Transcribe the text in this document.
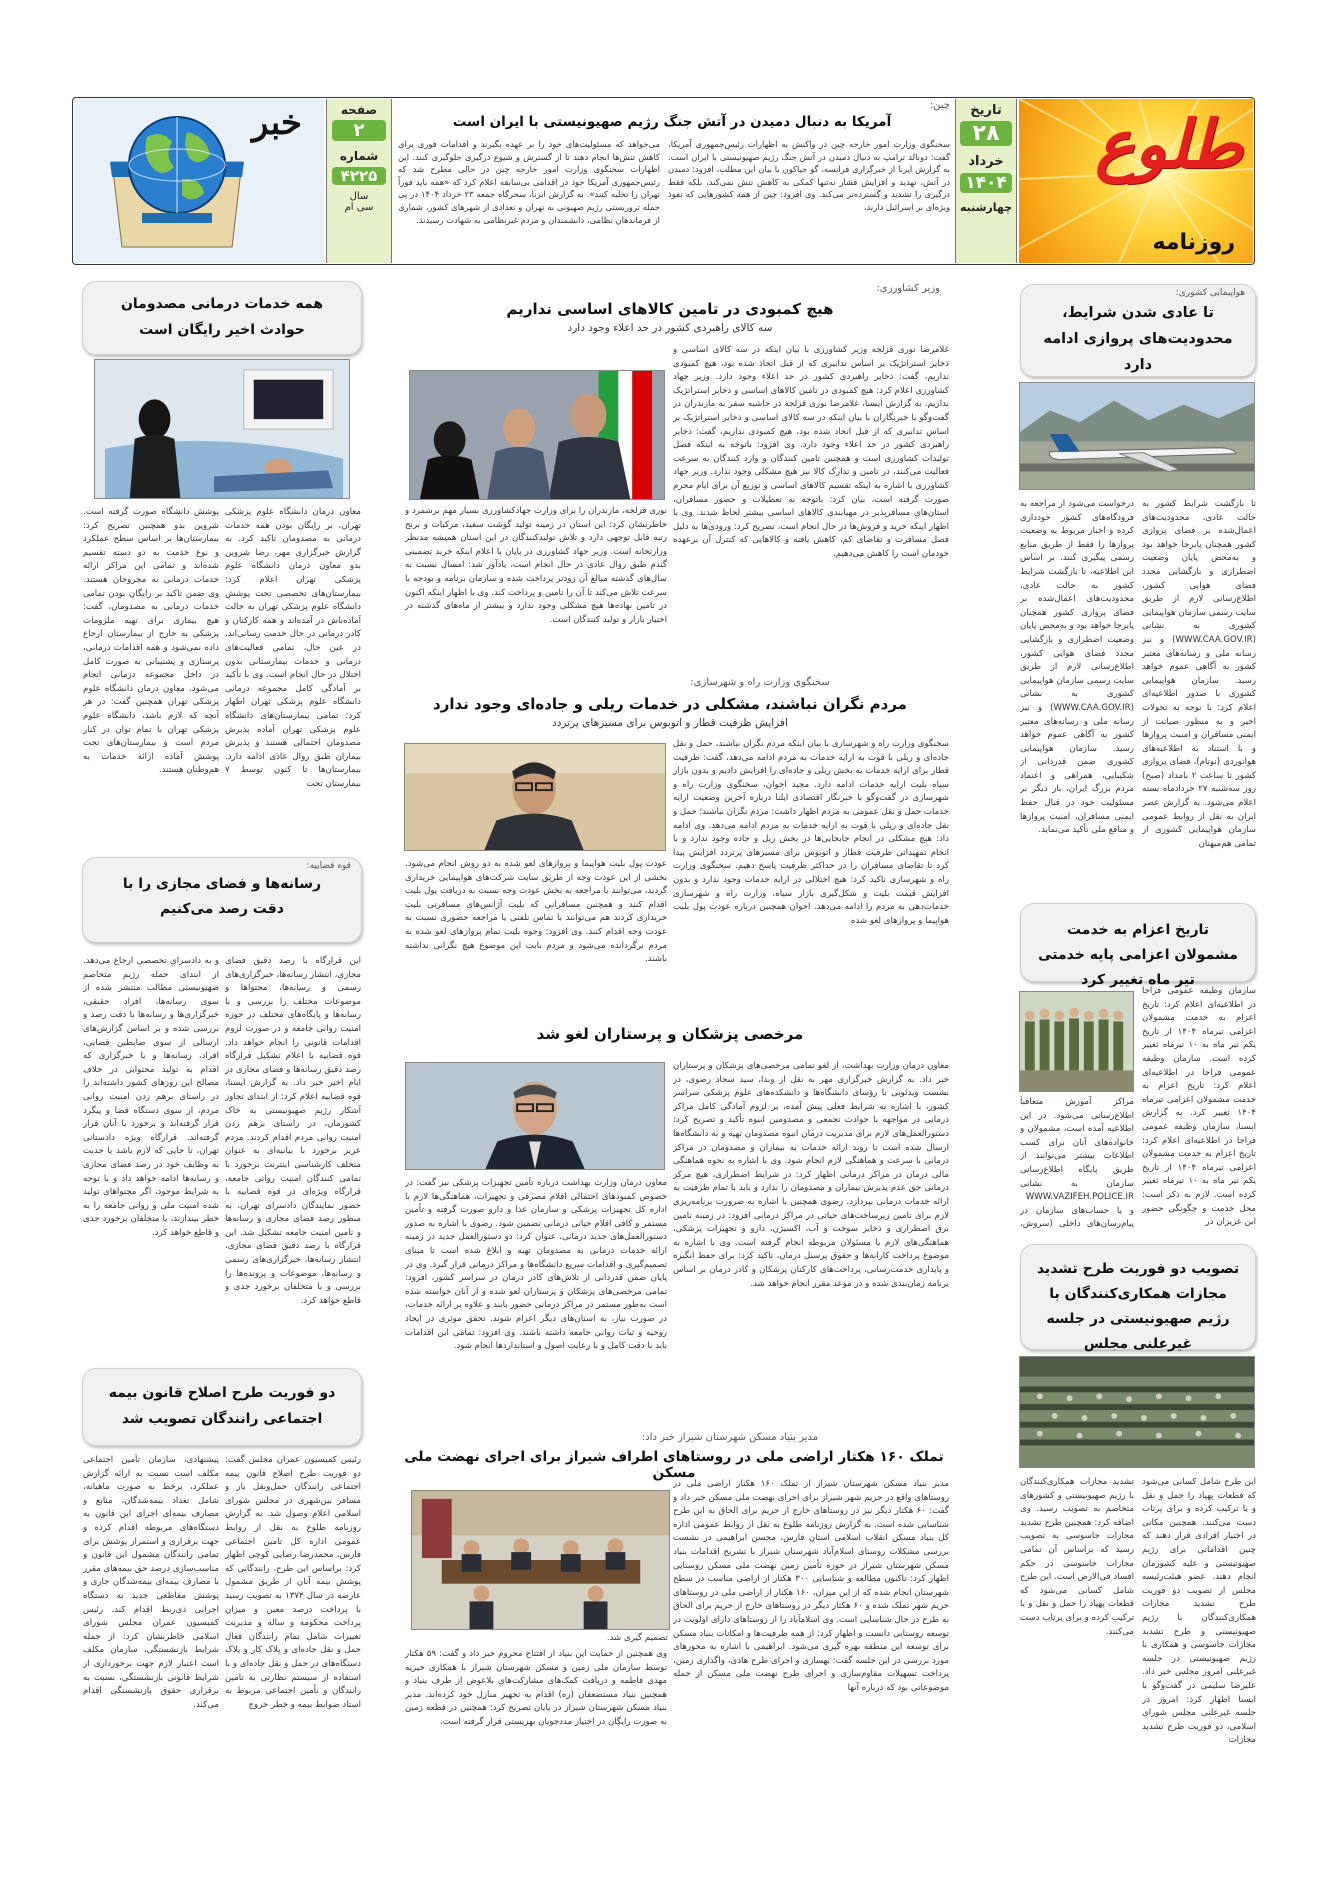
طلوع
روزنامه
تاریخ
۲۸
خرداد
۱۴۰۴
چهارشنبه
چین:
آمریکا به دنبال دمیدن در آتش جنگ رژیم صهیونیستی با ایران است
سخنگوی وزارت امور خارجه چین در واکنش به اظهارات رئیس‌جمهوری آمریکا، گفت: دونالد ترامپ به دنبال دمیدن در آتش جنگ رژیم صهیونیستی با ایران است. به گزارش ایرنا از خبرگزاری فرانسه، گو جیاکون با بیان این مطلب، افزود: دمیدن در آتش، تهدید و افزایش فشار نه‌تنها کمکی به کاهش تنش نمی‌کند، بلکه فقط درگیری را تشدید و گسترده‌تر می‌کند. وی افزود: چین از همه کشورهایی که نفوذ ویژه‌ای بر اسرائیل دارند،
می‌خواهد که مسئولیت‌های خود را بر عهده بگیرند و اقدامات فوری برای کاهش تنش‌ها انجام دهند تا از گسترش و شیوع درگیری جلوگیری کنند. این اظهارات سخنگوی وزارت امور خارجه چین در حالی مطرح شد که رئیس‌جمهوری آمریکا خود در اقدامی بی‌سابقه اعلام کرد که «همه باید فوراً تهران را تخلیه کنند». به گزارش ایرنا، سحرگاه جمعه ۲۳ خرداد ۱۴۰۴ در پی حمله تروریستی رژیم صهیونی به تهران و تعدادی از شهرهای کشور، شماری از فرماندهان نظامی، دانشمندان و مردم غیرنظامی به شهادت رسیدند.
صفحه
۲
شماره
۴۲۲۵
سال
سی ام
خبر
هواپیمایی کشوری:
تا عادی شدن شرایط، محدودیت‌های پروازی ادامه دارد
تا بازگشت شرایط کشور به حالت عادی، محدودیت‌های اعمال‌شده بر فضای پروازی کشور همچنان پابرجا خواهد بود و به‌محض پایان وضعیت اضطراری و بازگشایی مجدد فضای هوایی کشور، اطلاع‌رسانی لازم از طریق سایت رسمی سازمان هواپیمایی کشوری به نشانی (WWW.CAA.GOV.IR) و نیز رسانه ملی و رسانه‌های معتبر کشور به آگاهی عموم خواهد رسید. سازمان هواپیمایی کشوری با صدور اطلاعیه‌ای اعلام کرد: با توجه به تحولات اخیر و به منظور صیانت از ایمنی مسافران و امنیت پروازها و با استناد به اطلاعیه‌های هوانوردی (نوتام)، فضای پروازی کشور تا ساعت ۲ بامداد (صبح) روز سه‌شنبه ۲۷ خردادماه بسته اعلام می‌شود. به گزارش عصر ایران به نقل از روابط عمومی سازمان هواپیمایی کشوری از تمامی هم‌میهنان
درخواست می‌شود از مراجعه به فرودگاه‌های کشور خودداری کرده و اخبار مربوط به وضعیت پروازها را فقط از طریق منابع رسمی پیگیری کنند. بر اساس این اطلاعیه، تا بازگشت شرایط کشور به حالت عادی، محدودیت‌های اعمال‌شده بر فضای پروازی کشور همچنان پابرجا خواهد بود و به‌محض پایان وضعیت اضطراری و بازگشایی مجدد فضای هوایی کشور، اطلاع‌رسانی لازم از طریق سایت رسمی سازمان هواپیمایی کشوری به نشانی (WWW.CAA.GOV.IR) و نیز رسانه ملی و رسانه‌های معتبر کشور به آگاهی عموم خواهد رسید. سازمان هواپیمایی کشوری ضمن قدردانی از شکیبایی، همراهی و اعتماد مردم بزرگ ایران، بار دیگر بر مسئولیت خود در قبال حفظ ایمنی مسافران، امنیت پروازها و منافع ملی تأکید می‌نماید.
تاریخ اعزام به خدمت مشمولان اعزامی پایه خدمتی تیر ماه تغییر کرد
سازمان وظیفه عمومی فراجا در اطلاعیه‌ای اعلام کرد: تاریخ اعزام به خدمت مشمولان اعزامی تیرماه ۱۴۰۴ از تاریخ یکم تیر ماه به ۱۰ تیرماه تغییر کرده است. سازمان وظیفه عمومی فراجا در اطلاعیه‌ای اعلام کرد: تاریخ اعزام به خدمت مشمولان اعزامی تیرماه ۱۴۰۴ تغییر کرد. به گزارش ایسنا، سازمان وظیفه عمومی فراجا در اطلاعیه‌ای اعلام کرد: تاریخ اعزام به خدمت مشمولان اعزامی تیرماه ۱۴۰۴ از تاریخ یکم تیر ماه به ۱۰ تیرماه تغییر کرده است. لازم به ذکر است: محل خدمت و چگونگی حضور این عزیزان در
مراکز آموزش متعاقباً اطلاع‌رسانی می‌شود. در این اطلاعیه آمده است، مشمولان و خانواده‌های آنان برای کسب اطلاعات بیشتر می‌توانند از طریق پایگاه اطلاع‌رسانی سازمان به نشانی WWW.VAZIFEH.POLICE.IR و یا حساب‌های سازمان در پیام‌رسان‌های داخلی (سروش،
تصویب دو فوریت طرح تشدید مجازات همکاری‌کنندگان با رژیم صهیونیستی در جلسه غیرعلنی مجلس
این طرح شامل کسانی می‌شود که قطعات پهپاد را حمل و نقل و یا ترکیب کرده و برای پرتاب دست می‌کنند. همچنین مکانی در اختیار افرادی قرار دهند که چنین اقداماتی برای رژیم صهیونیستی و علیه کشورمان انجام دهند. عضو هیئت‌رئیسه مجلس از تصویب دو فوریت طرح تشدید مجازات همکاری‌کنندگان با رژیم صهیونیستی و طرح تشدید مجازات جاسوسی و همکاری با رژیم صهیونیستی در جلسه غیرعلنی امروز مجلس خبر داد. علیرضا سلیمی در گفت‌وگو با ایسنا اظهار کرد: امروز در جلسه غیرعلنی مجلس شورای اسلامی، دو فوریت طرح تشدید مجازات
تشدید مجازات همکاری‌کنندگان با رژیم صهیونیستی و کشورهای متخاصم به تصویب رسید. وی اضافه کرد: همچنین طرح تشدید مجازات جاسوسی به تصویب رسید که براساس آن تمامی مجازات جاسوسی در حکم افساد فی‌الارض است. این طرح شامل کسانی می‌شود که قطعات پهپاد را حمل و نقل و یا ترکیب کرده و برای پرتاب دست می‌کنند.
وزیر کشاورزی:
هیچ کمبودی در تامین کالاهای اساسی نداریم
سه کالای راهبردی کشور در حد اعلاء وجود دارد
غلامرضا نوری قزلجه وزیر کشاورزی با بیان اینکه در سه کالای اساسی و ذخایر استراتژیک بر اساس تدابیری که از قبل اتخاذ شده بود، هیچ کمبودی نداریم، گفت: ذخایر راهبردی کشور در حد اعلاء وجود دارد. وزیر جهاد کشاورزی اعلام کرد: هیچ کمبودی در تامین کالاهای اساسی و ذخایر استراتژیک نداریم. به گزارش ایسنا، غلامرضا نوری قزلجه در حاشیه سفر به مازندران در گفت‌وگو با خبرنگاران با بیان اینکه در سه کالای اساسی و ذخایر استراتژیک بر اساس تدابیری که از قبل اتخاذ شده بود، هیچ کمبودی نداریم، گفت: ذخایر راهبردی کشور در حد اعلاء وجود دارد. وی افزود: باتوجه به اینکه فصل تولیدات کشاورزی است و همچنین تامین کنندگان و وارد کنندگان به سرعت فعالیت می‌کنند، در تامین و تدارک کالا نیز هیچ مشکلی وجود ندارد. وزیر جهاد کشاورزی با اشاره به اینکه تقسیم کالاهای اساسی و توزیع آن برای ایام محرم صورت گرفته است، بیان کرد: باتوجه به تعطیلات و حضور مسافران، استان‌های مسافرپذیر در مهیا‌بندی کالاهای اساسی بیشتر لحاظ شدند. وی با اظهار اینکه خرید و فروش‌ها در حال انجام است، تصریح کرد: ورودی‌ها به دلیل فصل مسافرت و تقاضای کم، کاهش یافته و کالاهایی که کنترل آن برعهده خودمان است را کاهش می‌دهیم.
نوری قزلجه، مازندران را برای وزارت جهادکشاورزی بسیار مهم برشمرد و خاطرنشان کرد: این استان در زمینه تولید گوشت سفید، مرکبات و برنج رتبه قابل توجهی دارد و تلاش تولیدکنندگان در این استان همیشه مدنظر وزارتخانه است. وزیر جهاد کشاورزی در پایان با اعلام اینکه خرید تضمینی گندم طبق روال عادی در حال انجام است، یادآور شد: امسال نسبت به سال‌های گذشته مبالغ آن زودتر پرداخت شده و سازمان برنامه و بودجه با سرعت تلاش می‌کند تا آن را تامین و پرداخت کند. وی با اظهار اینکه اکنون در تامین نهاده‌ها هیچ مشکلی وجود ندارد و بیشتر از ماه‌های گذشته در اختیار بازار و تولید کنندگان است.
سخنگوی وزارت راه و شهرسازی:
مردم نگران نباشند، مشکلی در خدمات ریلی و جاده‌ای وجود ندارد
افزایش ظرفیت قطار و اتوبوس برای مسیرهای پرتردد
سخنگوی وزارت راه و شهرسازی با بیان اینکه مردم نگران نباشند، حمل و نقل جاده‌ای و ریلی با قوت به ارایه خدمات به مردم ادامه می‌دهد، گفت: ظرفیت قطار برای ارایه خدمات به بخش ریلی و جاده‌ای را افزایش دادیم و بدون بازار سیاه بلیت ارایه خدمات ادامه دارد. مجید اخوان، سخنگوی وزارت راه و شهرسازی در گفت‌وگو با خبرنگار اقتصادی ایلنا درباره آخرین وضعیت ارایه خدمات حمل و نقل عمومی به مردم اظهار داشت: مردم نگران نباشند؛ حمل و نقل جاده‌ای و ریلی با قوت به ارایه خدمات به مردم ادامه می‌دهد. وی ادامه داد: هیچ مشکلی در انجام جابجایی‌ها در بخش ریل و جاده وجود ندارد و با انجام تمهیداتی ظرفیت قطار و اتوبوس برای مسیرهای پرتردد افزایش پیدا کرد تا تقاضای مسافران را در حداکثر ظرفیت پاسخ دهیم. سخنگوی وزارت راه و شهرسازی تاکید کرد: هیچ اختلالی در ارایه خدمات وجود ندارد و بدون افزایش قیمت بلیت و شکل‌گیری بازار سیاه، وزارت راه و شهرسازی خدمات‌دهی به مردم را ادامه می‌دهد. اخوان همچنین درباره عودت پول بلیت هواپیما و پروازهای لغو شده
عودت پول بلیت هواپیما و پروازهای لغو شده به دو روش انجام می‌شود. بخشی از این عودت وجه از طریق سایت شرکت‌های هواپیمایی خریداری گردید، می‌توانند با مراجعه به بخش عودت وجه نسبت به دریافت پول بلیت اقدام کنند و همچنین مسافرانی که بلیت آژانس‌های مسافرتی بلیت خریداری کردند هم می‌توانند با تماس تلفنی یا مراجعه حضوری نسبت به عودت وجه اقدام کنند. وی افزود: وجوه بلیت تمام پروازهای لغو شده به مردم برگردانده می‌شود و مردم بابت این موضوع هیچ نگرانی نداشته باشند.
مرخصی پزشکان و پرستاران لغو شد
معاون درمان وزارت بهداشت، از لغو تمامی مرخصی‌های پزشکان و پرستاران خبر داد. به گزارش خبرگزاری مهر به نقل از وبدا، سید سجاد رضوی، در نشست ویدئویی با رؤسای دانشگاه‌ها و دانشکده‌های علوم پزشکی سراسر کشور، با اشاره به شرایط فعلی پیش آمده، بر لزوم آمادگی کامل مراکز درمانی در مواجهه با حوادث تجمعی و مصدومین انبوه تأکید و تصریح کرد: دستورالعمل‌های لازم برای مدیریت درمان انبوه مصدومان تهیه و به دانشگاه‌ها ارسال شده است تا روند ارائه خدمات به بیماران و مصدومان در مراکز درمانی با سرعت و هماهنگی لازم انجام شود. وی با اشاره به نحوه هماهنگی مالی درمان در مراکز درمانی اظهار کرد: در شرایط اضطراری، هیچ مرکز درمانی حق عدم پذیرش بیماران و مصدومان را ندارد و باید با تمام ظرفیت به ارائه خدمات درمانی بپردازد. رضوی همچنین با اشاره به ضرورت برنامه‌ریزی لازم برای تامین زیرساخت‌های حیاتی در مراکز درمانی افزود: در زمینه تامین برق اضطراری و ذخایر سوخت و آب، اکسیژن، دارو و تجهیزات پزشکی، هماهنگی‌های لازم با مسئولان مربوطه انجام گرفته است. وی با اشاره به موضوع پرداخت کارانه‌ها و حقوق پرسنل درمان، تاکید کرد: برای حفظ انگیزه و پایداری خدمت‌رسانی، پرداخت‌های کارکنان پزشکان و کادر درمان بر اساس برنامه زمان‌بندی شده و در موعد مقرر انجام خواهد شد.
معاون درمان وزارت بهداشت درباره تأمین تجهیزات پزشکی نیز گفت: در خصوص کمبودهای احتمالی اقلام مصرفی و تجهیزات، هماهنگی‌ها لازم با اداره کل تجهیزات پزشکی و سازمان غذا و دارو صورت گرفته و تأمین مستمر و کافی اقلام حیاتی درمانی تضمین شود. رضوی با اشاره به صدور دستورالعمل‌های جدید درمانی، عنوان کرد: دو دستورالعمل جدید در زمینه ارائه خدمات درمانی به مصدومان تهیه و ابلاغ شده است تا مبنای تصمیم‌گیری و اقدامات سریع دانشگاه‌ها و مراکز درمانی قرار گیرد. وی در پایان ضمن قدردانی از تلاش‌های کادر درمان در سراسر کشور، افزود: تمامی مرخصی‌های پزشکان و پرستاران لغو شده و از آنان خواسته شده است به‌طور مستمر در مراکز درمانی حضور یابند و علاوه بر ارائه خدمات، در صورت نیاز، به استان‌های دیگر اعزام شوند. تحقق موثری در ایجاد روحیه و ثبات روانی جامعه داشته باشند. وی افزود: تمامی این اقدامات باید با دقت کامل و با رعایت اصول و استانداردها انجام شود.
مدیر بنیاد مسکن شهرستان شیراز خبر داد:
تملک ۱۶۰ هکتار اراضی ملی در روستاهای اطراف شیراز برای اجرای نهضت ملی مسکن
مدیر بنیاد مسکن شهرستان شیراز از تملک ۱۶۰ هکتار اراضی ملی در روستاهای واقع در حریم شهر شیراز برای اجرای نهضت ملی مسکن خبر داد و گفت: ۶۰ هکتار دیگر نیز در روستاهای خارج از حریم برای الحاق به این طرح شناسایی شده است. به گزارش روزنامه طلوع به نقل از روابط عمومی اداره کل بنیاد مسکن انقلاب اسلامی استان فارس، محسن ابراهیمی در نشست بررسی مشکلات روستای اسلام‌آباد شهرستان شیراز با تشریح اقدامات بنیاد مسکن شهرستان شیراز در حوزه تأمین زمین نهضت ملی مسکن روستایی اظهار کرد: تاکنون مطالعه و شناسایی ۳۰۰ هکتار از اراضی مناسب در سطح شهرستان انجام شده که از این میزان، ۱۶۰ هکتار از اراضی ملی در روستاهای حریم شهر تملک شده و ۶۰ هکتار دیگر در روستاهای خارج از حریم برای الحاق به طرح در حال شناسایی است. وی اسلامآباد را از روستاهای دارای اولویت در توسعه روستایی دانست و اظهار کرد: از همه ظرفیت‌ها و امکانات بنیاد مسکن برای توسعه این منطقه بهره گیری می‌شود. ابراهیمی با اشاره به محورهای مورد بررسی در این جلسه گفت: بهسازی و اجرای طرح هادی، واگذاری زمین، پرداخت تسهیلات مقاوم‌سازی و اجرای طرح نهضت ملی مسکن از جمله موضوعاتی بود که درباره آنها
تصمیم گیری شد.
وی همچنین از حمایت این بنیاد از افتتاح محروم خبر داد و گفت: ۵۹ هکتار توسط سازمان ملی زمین و مسکن شهرستان شیراز با همکاری خیریه مهدی فاطمه و دریافت کمک‌های مشارکت‌های بلاعوض از طرف بنیاد و همچنین بنیاد مستضعفان (ره) اقدام به تجهیز منازل خود کرده‌اند. مدیر بنیاد مسکن شهرستان شیراز در پایان تصریح کرد: همچنین در قطعه زمین به صورت رایگان در اختیار مددجویان بهزیستی قرار گرفته است.
همه خدمات درمانی مصدومان حوادث اخیر رایگان است
معاون درمان دانشگاه علوم پزشکی تهران، بر رایگان بودن همه خدمات درمانی به مصدومان تاکید کرد. به گزارش خبرگزاری مهر، رضا شروین بدو معاون درمان دانشگاه علوم پزشکی تهران اعلام کرد: بیمارستان‌های تخصصی تحت پوشش دانشگاه علوم پزشکی تهران به حالت آماده‌باش در آمده‌اند و همه کارکنان و کادر درمانی در حال خدمت رسانی‌اند. در عین حال، تمامی فعالیت‌های درمانی و خدمات بیمارستانی بدون اختلال در حال انجام است. وی با تأکید بر آمادگی کامل مجموعه درمانی دانشگاه علوم پزشکی تهران اظهار کرد: تمامی بیمارستان‌های دانشگاه علوم پزشکی تهران آماده پذیرش مصدومان احتمالی هستند و پذیرش بیماران طبق روال عادی ادامه دارد. بیمارستان‌ها تا کنون توسط ۷ بیمارستان تحت
پوشش دانشگاه صورت گرفته است. شروین بدو همچنین تصریح کرد: بیمارستان‌ها بر اساس سطح عملکرد و نوع خدمت به دو دسته تقسیم شده‌اند و تمامی این مراکز ارائه خدمات درمانی به مجروحان هستند. وی ضمن تاکید بر رایگان بودن تمامی خدمات درمانی به مصدومان، گفت: هیچ بیماری برای تهیه ملزومات پزشکی به خارج از بیمارستان ارجاع داده نمی‌شود و همه اقدامات درمانی، پرستاری و پشتیبانی به صورت کامل در داخل مجموعه درمانی انجام می‌شود. معاون درمان دانشگاه علوم پزشکی تهران همچنین گفت: در هر آنچه که لازم باشد، دانشگاه علوم پزشکی تهران با تمام توان در کنار مردم است و بیمارستان‌های تحت پوشش آماده ارائه خدمات به هم‌وطنان هستند.
قوه قضاییه:
رسانه‌ها و فضای مجازی را با دقت رصد می‌کنیم
این قرارگاه با رصد دقیق فضای مجازی، انتشار رسانه‌ها، خبرگزاری‌های رسمی و رسانه‌ها، محتواها و موضوعات مختلف را بررسی و با رسانه‌ها و پایگاه‌های مختلف در حوزه امنیت روانی جامعه و در صورت لزوم اقدامات قانونی را انجام خواهد داد. قوه قضاییه با اعلام تشکیل قرارگاه رصد دقیق رسانه‌ها و فضای مجازی در ایام اخیر خبر داد. به گزارش ایسنا، قوه قضاییه اعلام کرد: از ابتدای تجاوز آشکار رژیم صهیونیستی به خاک کشورمان، در راستای برهم زدن امنیت روانی مردم اقدام کردند. مردم عزیز برخورد با بیانیه‌ای به عنوان متخلف کارشناسی اینترنت برخورد با تمامی کنندگان امنیت روانی جامعه، قرارگاه ویژه‌ای در قوه قضاییه با حضور نمایندگان دادسرای تهران، به منظور رصد فضای مجازی و رسانه‌ها و تامین امنیت جامعه تشکیل شد. این قرارگاه با رصد دقیق فضای مجازی، انتشار رسانه‌ها، خبرگزاری‌های رسمی و رسانه‌ها، موضوعات و پرونده‌ها را بررسی و با متخلفان برخورد جدی و قاطع خواهد کرد.
و به دادسرای تخصصی ارجاع می‌دهد. از ابتدای حمله رژیم متخاصم صهیونیستی مطالب منتشر شده از سوی رسانه‌ها، افراد حقیقی، خبرگزاری‌ها و رسانه‌ها با دقت رصد و بررسی شده و بر اساس گزارش‌های ارسالی از سوی ضابطین قضایی، افراد، رسانه‌ها و یا خبرگزاری که اقدام به تولید محتوایی در خلاف مصالح این روزهای کشور داشته‌اند را در راستای برهم زدن امنیت روانی مردم، از سوی دستگاه قضا و پیگرد قرار گرفته‌اند و برخورد با آنان قرار گرفته‌اند. قرارگاه ویژه دادستانی تهران، تا جایی که لازم باشد با جدیت به وظایف خود در رصد فضای مجازی و رسانه‌ها ادامه خواهد داد و با توجه به شرایط موجود، اگر محتواهای تولید شده امنیت ملی و روانی جامعه را به خطر بیندازند، با متخلفان برخورد جدی و قاطع خواهد کرد.
دو فوریت طرح اصلاح قانون بیمه اجتماعی رانندگان تصویب شد
رئیس کمیسیون عمران مجلس گفت: دو فوریت طرح اصلاح قانون بیمه اجتماعی رانندگان حمل‌ونقل بار و مسافر بین‌شهری در مجلس شورای اسلامی اعلام وصول شد. به گزارش روزنامه طلوع به نقل از روابط عمومی اداره کل تامین اجتماعی فارس، محمدرضا رضایی کوچی اظهار کرد: براساس این طرح، رانندگانی که پوشش بیمه آنان از طریق مشمول عارضه در سال ۱۳۷۴ به تصویب رسید با پرداخت درصد معین و میزان پرداخت محکومه و ساله و مدیریت تغییرات شامل تمام رانندگان فعال حمل و نقل جاده‌ای و پلاک کار و پلاک دستگاه‌های در حمل و نقل جاده‌ای و با استفاده از سیستم نظارتی به تامین رانندگان و تأمین اجتماعی مربوط به استاد ضوابط بیمه و خطر خروج
پیشنهادی، سازمان تأمین اجتماعی مکلف است نسبت به ارائه گزارش عملکرد، برخط به صورت ماهیانه، شامل تعداد بیمه‌شدگان، منابع و مصارف بیمه‌ای اجرای این قانون به دستگاه‌های مربوطه اقدام کرده و جهت برقراری و استمرار پوشش برای تمامی رانندگان مشمول این قانون و مناسب‌سازی درصد حق بیمه‌های مقرر با مصارف بیمه‌ای بیمه‌شدگان جاری و پوشش مقاطعی جدید به دستگاه اجرایی ذی‌ربط اقدام کند. رئیس کمیسیون عمران مجلس شورای اسلامی خاطرنشان کرد: از جمله شرایط بازنشستگی، سازمان مکلف است اعتبار لازم جهت برخورداری از شرایط قانونی بازنشستگی، نسبت به برقراری حقوق بازنشستگی اقدام می‌کند.
